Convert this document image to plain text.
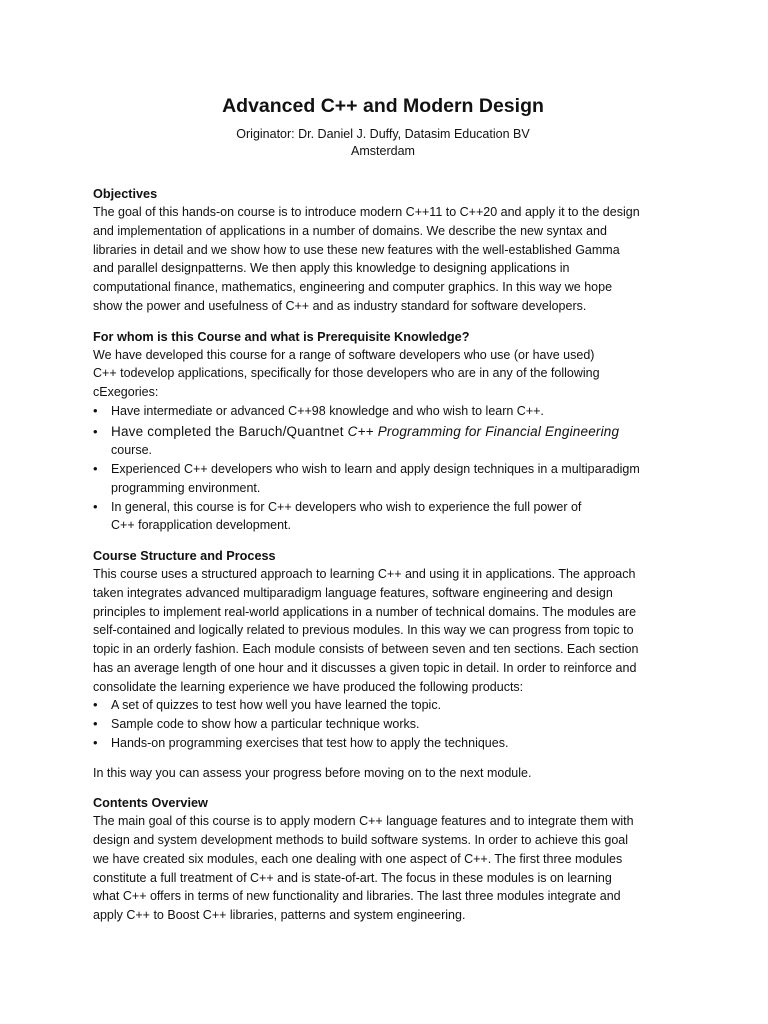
Advanced C++ and Modern Design

Originator: Dr. Daniel J. Duffy, Datasim Education BV

Amsterdam

Objectives

The goal of this hands-on course is to introduce modern C++11 to C++20 and apply it to the design

and implementation of applications in a number of domains. We describe the new syntax and

libraries in detail and we show how to use these new features with the well-established Gamma

and parallel designpatterns. We then apply this knowledge to designing applications in

computational finance, mathematics, engineering and computer graphics. In this way we hope

show the power and usefulness of C++ and as industry standard for software developers.

For whom is this Course and what is Prerequisite Knowledge?

We have developed this course for a range of software developers who use (or have used)

C++ todevelop applications, specifically for those developers who are in any of the following

cExegories:

• Have intermediate or advanced C++98 knowledge and who wish to learn C++.
• Have completed the Baruch/Quantnet C++ Programming for Financial Engineering
course.
• Experienced C++ developers who wish to learn and apply design techniques in a multiparadigm
programming environment.
• In general, this course is for C++ developers who wish to experience the full power of
C++ forapplication development.

Course Structure and Process

This course uses a structured approach to learning C++ and using it in applications. The approach

taken integrates advanced multiparadigm language features, software engineering and design

principles to implement real-world applications in a number of technical domains. The modules are

self-contained and logically related to previous modules. In this way we can progress from topic to

topic in an orderly fashion. Each module consists of between seven and ten sections. Each section

has an average length of one hour and it discusses a given topic in detail. In order to reinforce and

consolidate the learning experience we have produced the following products:

• A set of quizzes to test how well you have learned the topic.
• Sample code to show how a particular technique works.
• Hands-on programming exercises that test how to apply the techniques.

In this way you can assess your progress before moving on to the next module.

Contents Overview

The main goal of this course is to apply modern C++ language features and to integrate them with

design and system development methods to build software systems. In order to achieve this goal

we have created six modules, each one dealing with one aspect of C++. The first three modules

constitute a full treatment of C++ and is state-of-art. The focus in these modules is on learning

what C++ offers in terms of new functionality and libraries. The last three modules integrate and

apply C++ to Boost C++ libraries, patterns and system engineering.
